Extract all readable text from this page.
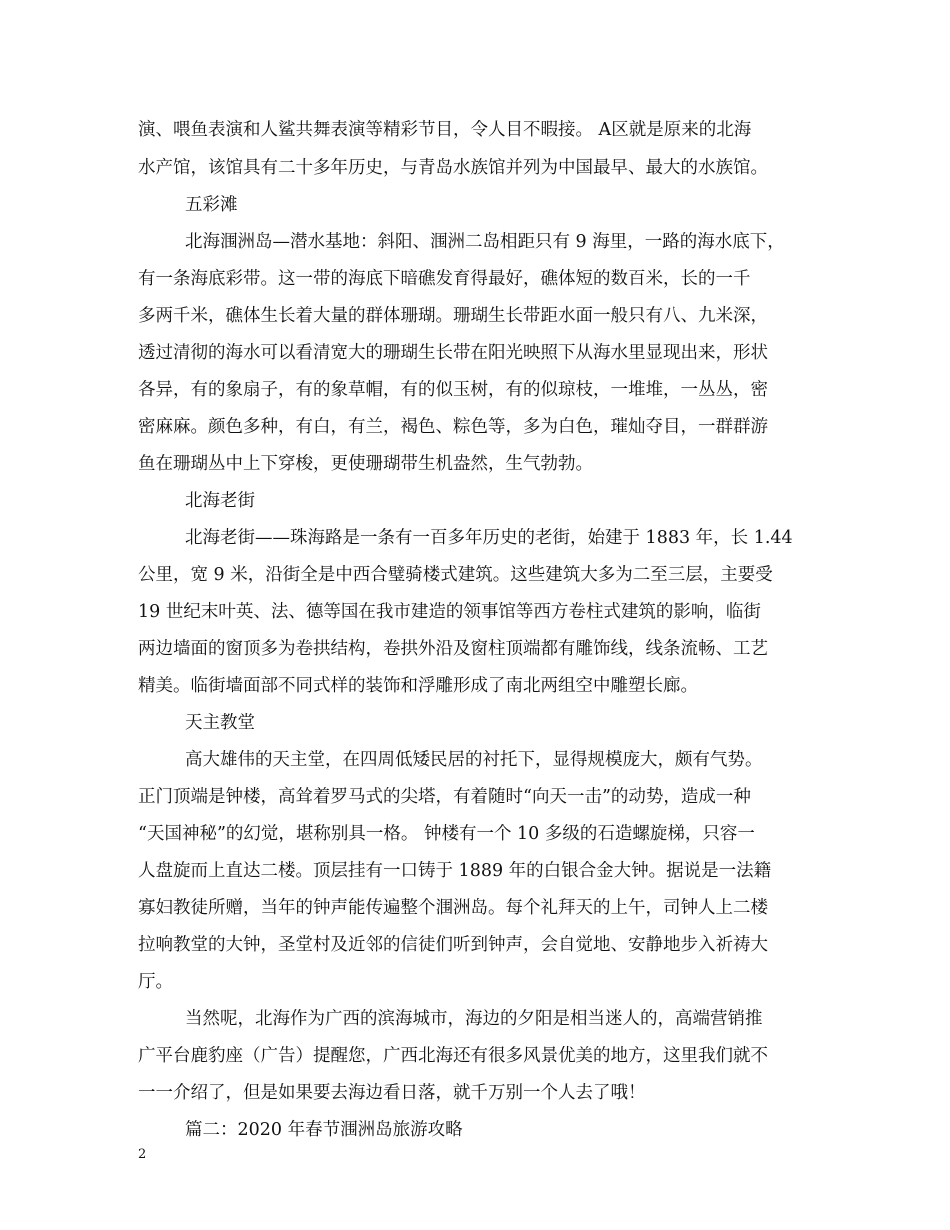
演、喂鱼表演和人鲨共舞表演等精彩节目，令人目不暇接。 A区就是原来的北海
水产馆，该馆具有二十多年历史，与青岛水族馆并列为中国最早、最大的水族馆。
五彩滩
北海涠洲岛—潜水基地：斜阳、涠洲二岛相距只有 9 海里，一路的海水底下，
有一条海底彩带。这一带的海底下暗礁发育得最好，礁体短的数百米，长的一千
多两千米，礁体生长着大量的群体珊瑚。珊瑚生长带距水面一般只有八、九米深，
透过清彻的海水可以看清宽大的珊瑚生长带在阳光映照下从海水里显现出来，形状
各异，有的象扇子，有的象草帽，有的似玉树，有的似琼枝，一堆堆，一丛丛，密
密麻麻。颜色多种，有白，有兰，褐色、粽色等，多为白色，璀灿夺目，一群群游
鱼在珊瑚丛中上下穿梭，更使珊瑚带生机盎然，生气勃勃。
北海老街
北海老街——珠海路是一条有一百多年历史的老街，始建于 1883 年，长 1.44
公里，宽 9 米，沿街全是中西合璧骑楼式建筑。这些建筑大多为二至三层，主要受
19 世纪末叶英、法、德等国在我市建造的领事馆等西方卷柱式建筑的影响，临街
两边墙面的窗顶多为卷拱结构，卷拱外沿及窗柱顶端都有雕饰线，线条流畅、工艺
精美。临街墙面部不同式样的装饰和浮雕形成了南北两组空中雕塑长廊。
天主教堂
高大雄伟的天主堂，在四周低矮民居的衬托下，显得规模庞大，颇有气势。
正门顶端是钟楼，高耸着罗马式的尖塔，有着随时“向天一击”的动势，造成一种
“天国神秘”的幻觉，堪称别具一格。 钟楼有一个 10 多级的石造螺旋梯，只容一
人盘旋而上直达二楼。顶层挂有一口铸于 1889 年的白银合金大钟。据说是一法籍
寡妇教徒所赠，当年的钟声能传遍整个涠洲岛。每个礼拜天的上午，司钟人上二楼
拉响教堂的大钟，圣堂村及近邻的信徒们听到钟声，会自觉地、安静地步入祈祷大
厅。
当然呢，北海作为广西的滨海城市，海边的夕阳是相当迷人的，高端营销推
广平台鹿豹座（广告）提醒您，广西北海还有很多风景优美的地方，这里我们就不
一一介绍了，但是如果要去海边看日落，就千万别一个人去了哦！
篇二：2020 年春节涠洲岛旅游攻略
2
